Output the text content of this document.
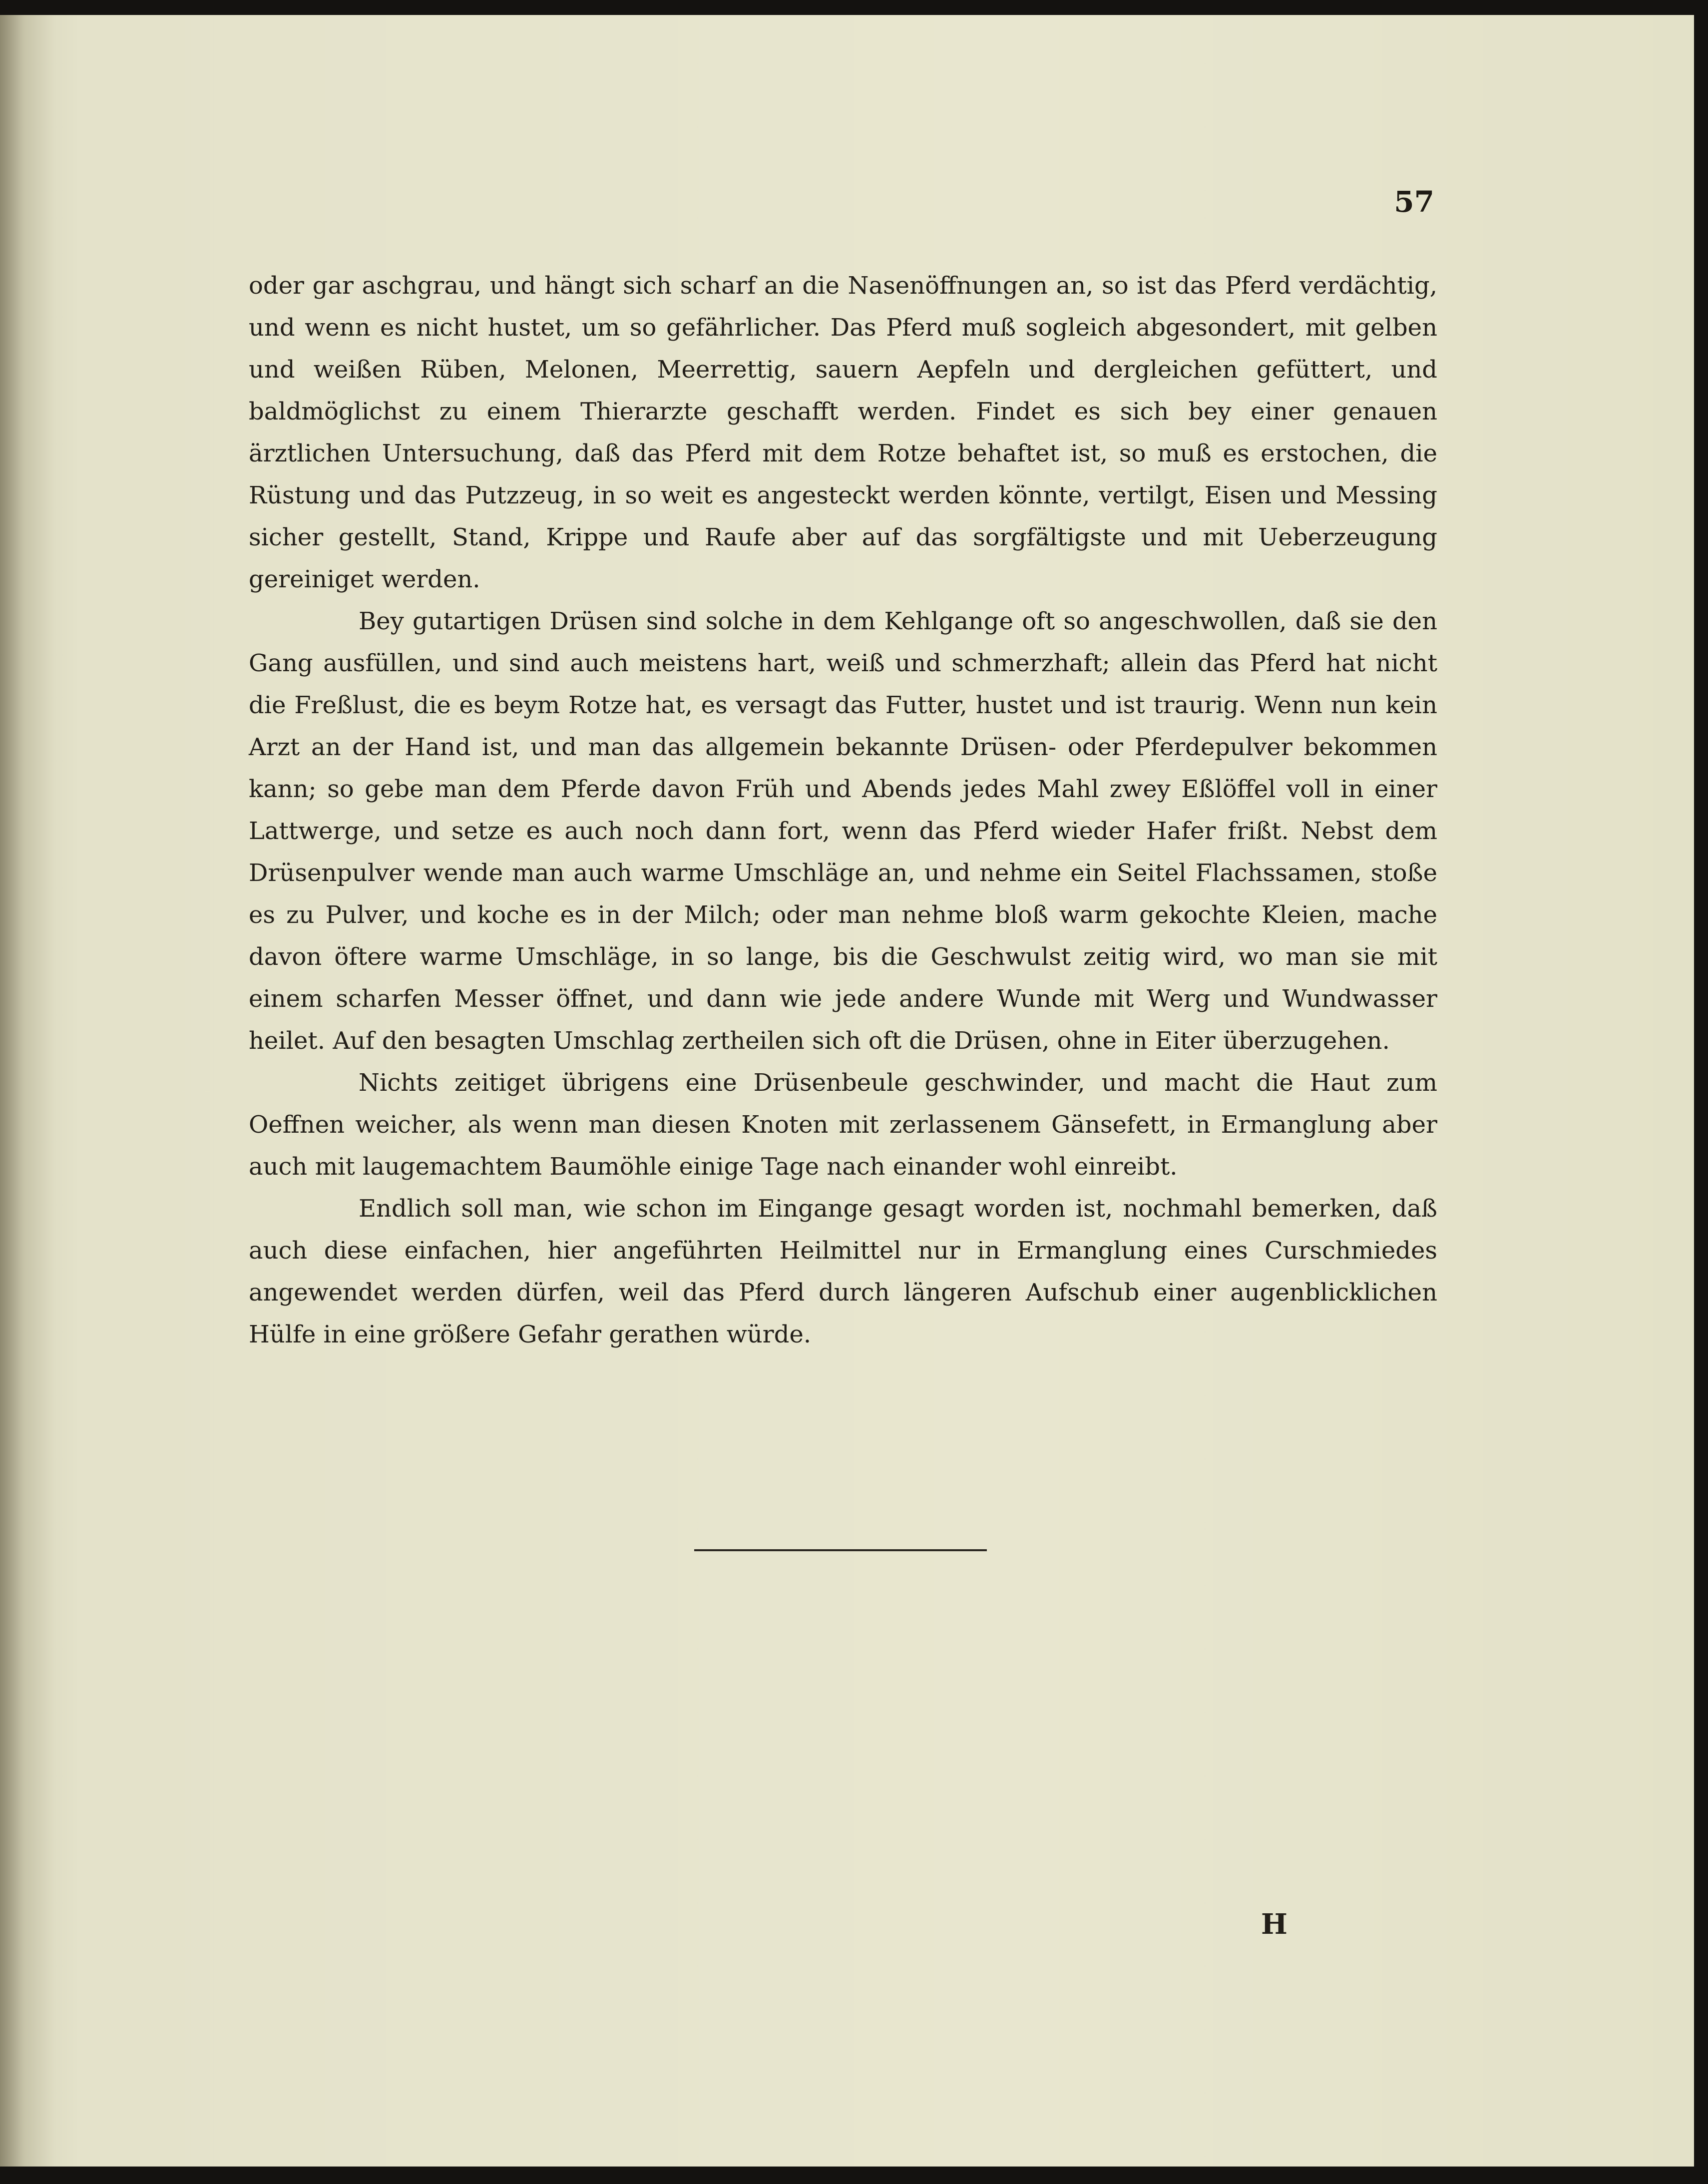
57

oder gar aschgrau, und hängt sich scharf an die Nasenöffnungen an, so ist das Pferd verdächtig, und wenn es nicht hustet, um so gefährlicher. Das Pferd muß sogleich abgesondert, mit gelben und weißen Rüben, Melonen, Meerrettig, sauern Aepfeln und dergleichen gefüttert, und baldmöglichst zu einem Thierarzte geschafft werden. Findet es sich bey einer genauen ärztlichen Untersuchung, daß das Pferd mit dem Rotze behaftet ist, so muß es erstochen, die Rüstung und das Putzzeug, in so weit es angesteckt werden könnte, vertilgt, Eisen und Messing sicher gestellt, Stand, Krippe und Raufe aber auf das sorgfältigste und mit Ueberzeugung gereiniget werden.

Bey gutartigen Drüsen sind solche in dem Kehlgange oft so angeschwollen, daß sie den Gang ausfüllen, und sind auch meistens hart, weiß und schmerzhaft; allein das Pferd hat nicht die Freßlust, die es beym Rotze hat, es versagt das Futter, hustet und ist traurig. Wenn nun kein Arzt an der Hand ist, und man das allgemein bekannte Drüsen- oder Pferdepulver bekommen kann; so gebe man dem Pferde davon Früh und Abends jedes Mahl zwey Eßlöffel voll in einer Lattwerge, und setze es auch noch dann fort, wenn das Pferd wieder Hafer frißt. Nebst dem Drüsenpulver wende man auch warme Umschläge an, und nehme ein Seitel Flachssamen, stoße es zu Pulver, und koche es in der Milch; oder man nehme bloß warm gekochte Kleien, mache davon öftere warme Umschläge, in so lange, bis die Geschwulst zeitig wird, wo man sie mit einem scharfen Messer öffnet, und dann wie jede andere Wunde mit Werg und Wundwasser heilet. Auf den besagten Umschlag zertheilen sich oft die Drüsen, ohne in Eiter überzugehen.

Nichts zeitiget übrigens eine Drüsenbeule geschwinder, und macht die Haut zum Oeffnen weicher, als wenn man diesen Knoten mit zerlassenem Gänsefett, in Ermanglung aber auch mit laugemachtem Baumöhle einige Tage nach einander wohl einreibt.

Endlich soll man, wie schon im Eingange gesagt worden ist, nochmahl bemerken, daß auch diese einfachen, hier angeführten Heilmittel nur in Ermanglung eines Curschmiedes angewendet werden dürfen, weil das Pferd durch längeren Aufschub einer augenblicklichen Hülfe in eine größere Gefahr gerathen würde.

H
